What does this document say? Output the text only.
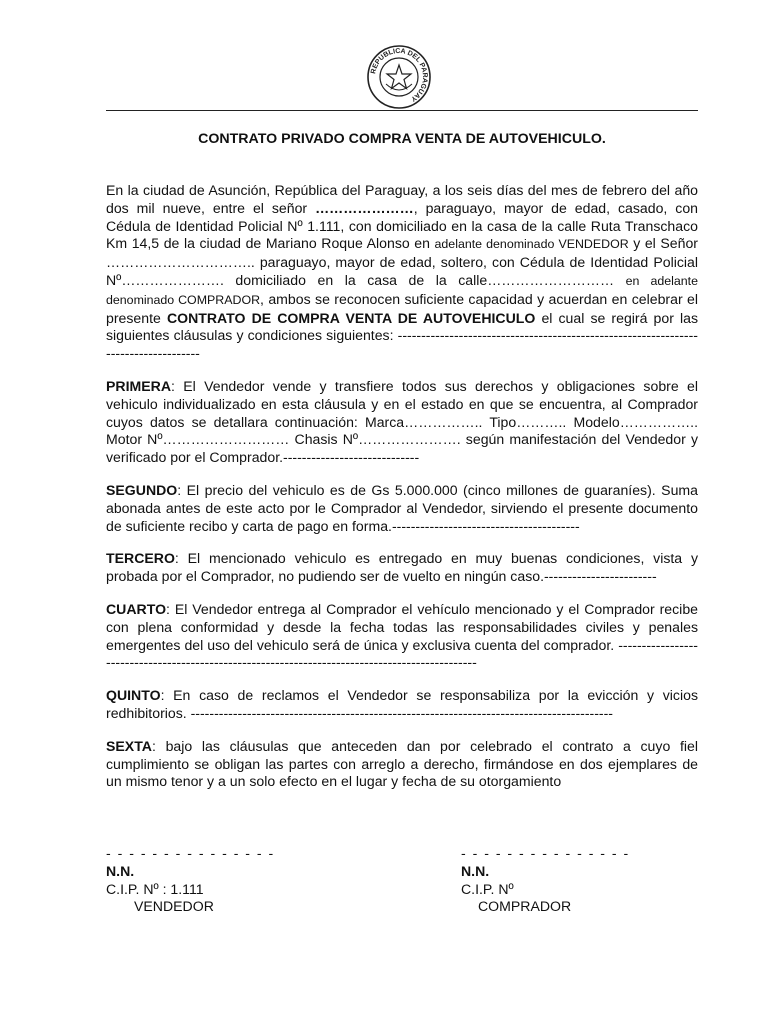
REPUBLICA DEL PARAGUAY
CONTRATO PRIVADO COMPRA VENTA DE AUTOVEHICULO.

En la ciudad de Asunción, República del Paraguay, a los seis días del mes de febrero del año dos mil nueve, entre el señor …………………, paraguayo, mayor de edad, casado, con Cédula de Identidad Policial Nº 1.111, con domiciliado en la casa de la calle Ruta Transchaco Km 14,5 de la ciudad de Mariano Roque Alonso en adelante denominado VENDEDOR y el Señor ………………………….. paraguayo, mayor de edad, soltero, con Cédula de Identidad Policial Nº…………………. domiciliado en la casa de la calle……………………… en adelante denominado COMPRADOR, ambos se reconocen suficiente capacidad y acuerdan en celebrar el presente CONTRATO DE COMPRA VENTA DE AUTOVEHICULO el cual se regirá por las siguientes cláusulas y condiciones siguientes: ------------------------------------------------------------------------------------

PRIMERA: El Vendedor vende y transfiere todos sus derechos y obligaciones sobre el vehiculo individualizado en esta cláusula y en el estado en que se encuentra, al Comprador cuyos datos se detallara continuación: Marca…………….. Tipo……….. Modelo…………….. Motor Nº……………………… Chasis Nº…………………. según manifestación del Vendedor y verificado por el Comprador.-----------------------------

SEGUNDO: El precio del vehiculo es de Gs 5.000.000 (cinco millones de guaraníes). Suma abonada antes de este acto por le Comprador al Vendedor, sirviendo el presente documento de suficiente recibo y carta de pago en forma.----------------------------------------

TERCERO: El mencionado vehiculo es entregado en muy buenas condiciones, vista y probada por el Comprador, no pudiendo ser de vuelto en ningún caso.------------------------

CUARTO: El Vendedor entrega al Comprador el vehículo mencionado y el Comprador recibe con plena conformidad y desde la fecha todas las responsabilidades civiles y penales emergentes del uso del vehiculo será de única y exclusiva cuenta del comprador. ------------------------------------------------------------------------------------------------

QUINTO: En caso de reclamos el Vendedor se responsabiliza por la evicción y vicios redhibitorios. ------------------------------------------------------------------------------------------

SEXTA: bajo las cláusulas que anteceden dan por celebrado el contrato a cuyo fiel cumplimiento se obligan las partes con arreglo a derecho, firmándose en dos ejemplares de un mismo tenor y a un solo efecto en el lugar y fecha de su otorgamiento

- - - - - - - - - - - - - - -
N.N.
C.I.P. Nº : 1.111
VENDEDOR
- - - - - - - - - - - - - - -
N.N.
C.I.P. Nº
COMPRADOR
